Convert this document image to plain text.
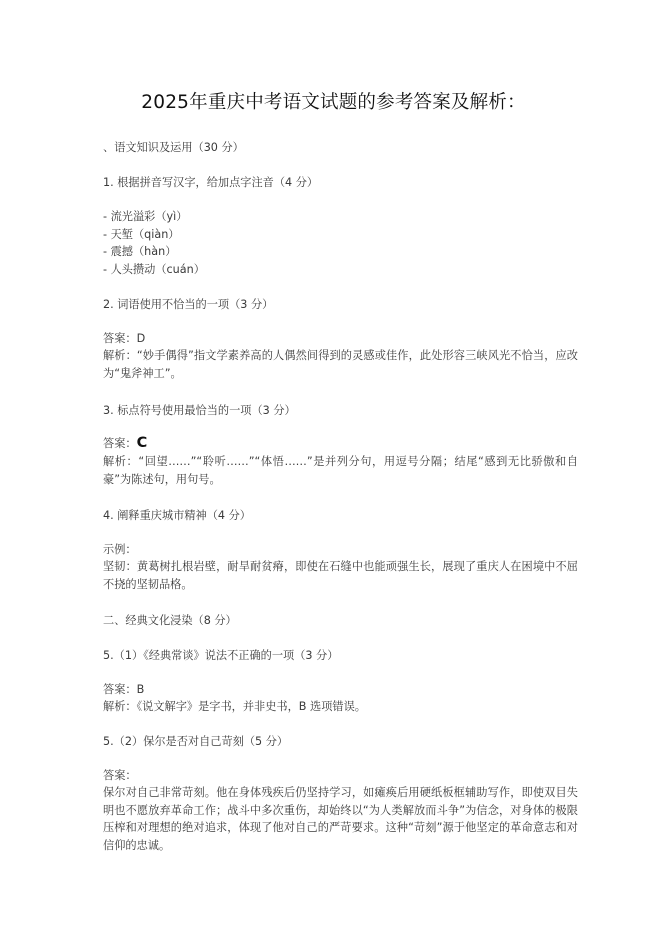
2025年重庆中考语文试题的参考答案及解析：
、语文知识及运用（30 分）
1. 根据拼音写汉字，给加点字注音（4 分）
- 流光溢彩（yì）
- 天堑（qiàn）
- 震撼（hàn）
- 人头攒动（cuán）
2. 词语使用不恰当的一项（3 分）
答案：D
解析：“妙手偶得”指文学素养高的人偶然间得到的灵感或佳作，此处形容三峡风光不恰当，应改为“鬼斧神工”。
3. 标点符号使用最恰当的一项（3 分）
答案：C
解析：“回望……”“聆听……”“体悟……”是并列分句，用逗号分隔；结尾“感到无比骄傲和自豪”为陈述句，用句号。
4. 阐释重庆城市精神（4 分）
示例：
坚韧：黄葛树扎根岩壁，耐旱耐贫瘠，即使在石缝中也能顽强生长，展现了重庆人在困境中不屈不挠的坚韧品格。
二、经典文化浸染（8 分）
5.（1）《经典常谈》说法不正确的一项（3 分）
答案：B
解析：《说文解字》是字书，并非史书，B 选项错误。
5.（2）保尔是否对自己苛刻（5 分）
答案：
保尔对自己非常苛刻。他在身体残疾后仍坚持学习，如瘫痪后用硬纸板框辅助写作，即使双目失明也不愿放弃革命工作；战斗中多次重伤，却始终以“为人类解放而斗争”为信念，对身体的极限压榨和对理想的绝对追求，体现了他对自己的严苛要求。这种“苛刻”源于他坚定的革命意志和对信仰的忠诚。
